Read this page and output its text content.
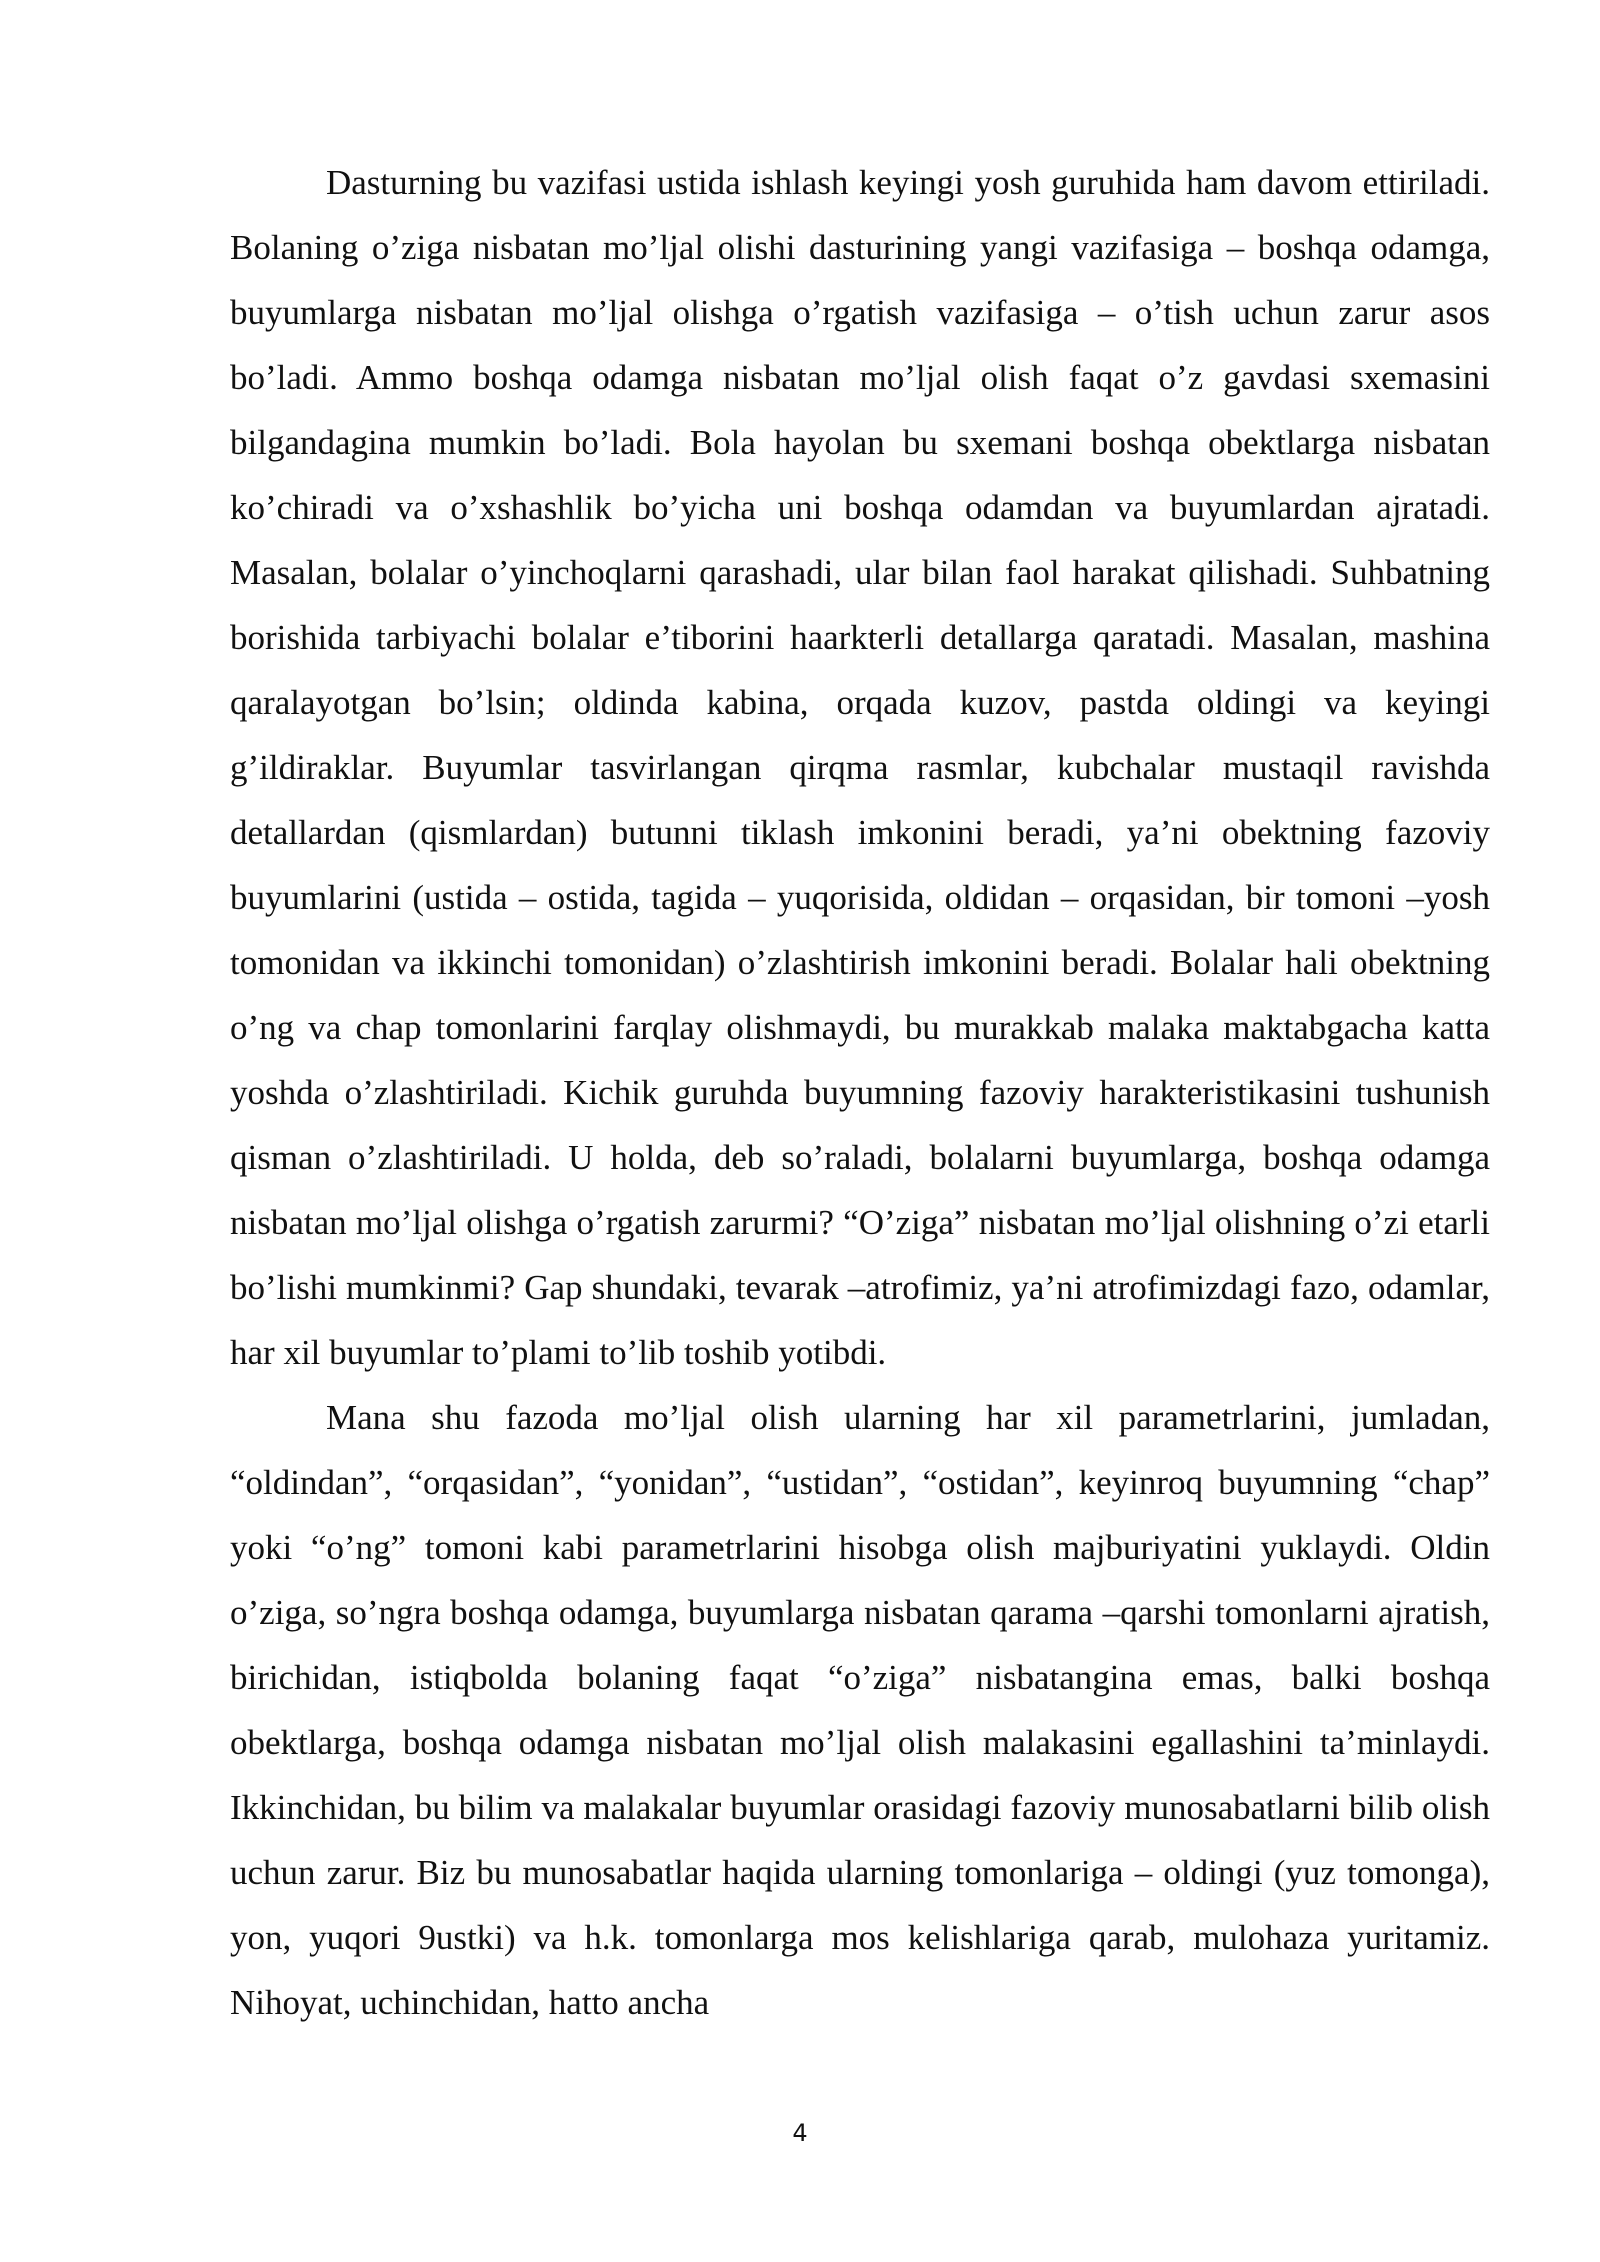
Dasturning bu vazifasi ustida ishlash keyingi yosh guruhida ham davom ettiriladi. Bolaning o’ziga nisbatan mo’ljal olishi dasturining yangi vazifasiga – boshqa odamga, buyumlarga nisbatan mo’ljal olishga o’rgatish vazifasiga – o’tish uchun zarur asos bo’ladi. Ammo boshqa odamga nisbatan mo’ljal olish faqat o’z gavdasi sxemasini bilgandagina mumkin bo’ladi. Bola hayolan bu sxemani boshqa obektlarga nisbatan ko’chiradi va o’xshashlik bo’yicha uni boshqa odamdan va buyumlardan ajratadi. Masalan, bolalar o’yinchoqlarni qarashadi, ular bilan faol harakat qilishadi. Suhbatning borishida tarbiyachi bolalar e’tiborini haarkterli detallarga qaratadi. Masalan, mashina qaralayotgan bo’lsin; oldinda kabina, orqada kuzov, pastda oldingi va keyingi g’ildiraklar. Buyumlar tasvirlangan qirqma rasmlar, kubchalar mustaqil ravishda detallardan (qismlardan) butunni tiklash imkonini beradi, ya’ni obektning fazoviy buyumlarini (ustida – ostida, tagida – yuqorisida, oldidan – orqasidan, bir tomoni –yosh tomonidan va ikkinchi tomonidan) o’zlashtirish imkonini beradi. Bolalar hali obektning o’ng va chap tomonlarini farqlay olishmaydi, bu murakkab malaka maktabgacha katta yoshda o’zlashtiriladi. Kichik guruhda buyumning fazoviy harakteristikasini tushunish qisman o’zlashtiriladi. U holda, deb so’raladi, bolalarni buyumlarga, boshqa odamga nisbatan mo’ljal olishga o’rgatish zarurmi? “O’ziga” nisbatan mo’ljal olishning o’zi etarli bo’lishi mumkinmi? Gap shundaki, tevarak –atrofimiz, ya’ni atrofimizdagi fazo, odamlar, har xil buyumlar to’plami to’lib toshib yotibdi.

Mana shu fazoda mo’ljal olish ularning har xil parametrlarini, jumladan, “oldindan”, “orqasidan”, “yonidan”, “ustidan”, “ostidan”, keyinroq buyumning “chap” yoki “o’ng” tomoni kabi parametrlarini hisobga olish majburiyatini yuklaydi. Oldin o’ziga, so’ngra boshqa odamga, buyumlarga nisbatan qarama –qarshi tomonlarni ajratish, birichidan, istiqbolda bolaning faqat “o’ziga” nisbatangina emas, balki boshqa obektlarga, boshqa odamga nisbatan mo’ljal olish malakasini egallashini ta’minlaydi. Ikkinchidan, bu bilim va malakalar buyumlar orasidagi fazoviy munosabatlarni bilib olish uchun zarur. Biz bu munosabatlar haqida ularning tomonlariga – oldingi (yuz tomonga), yon, yuqori 9ustki) va h.k. tomonlarga mos kelishlariga qarab, mulohaza yuritamiz. Nihoyat, uchinchidan, hatto ancha

4
